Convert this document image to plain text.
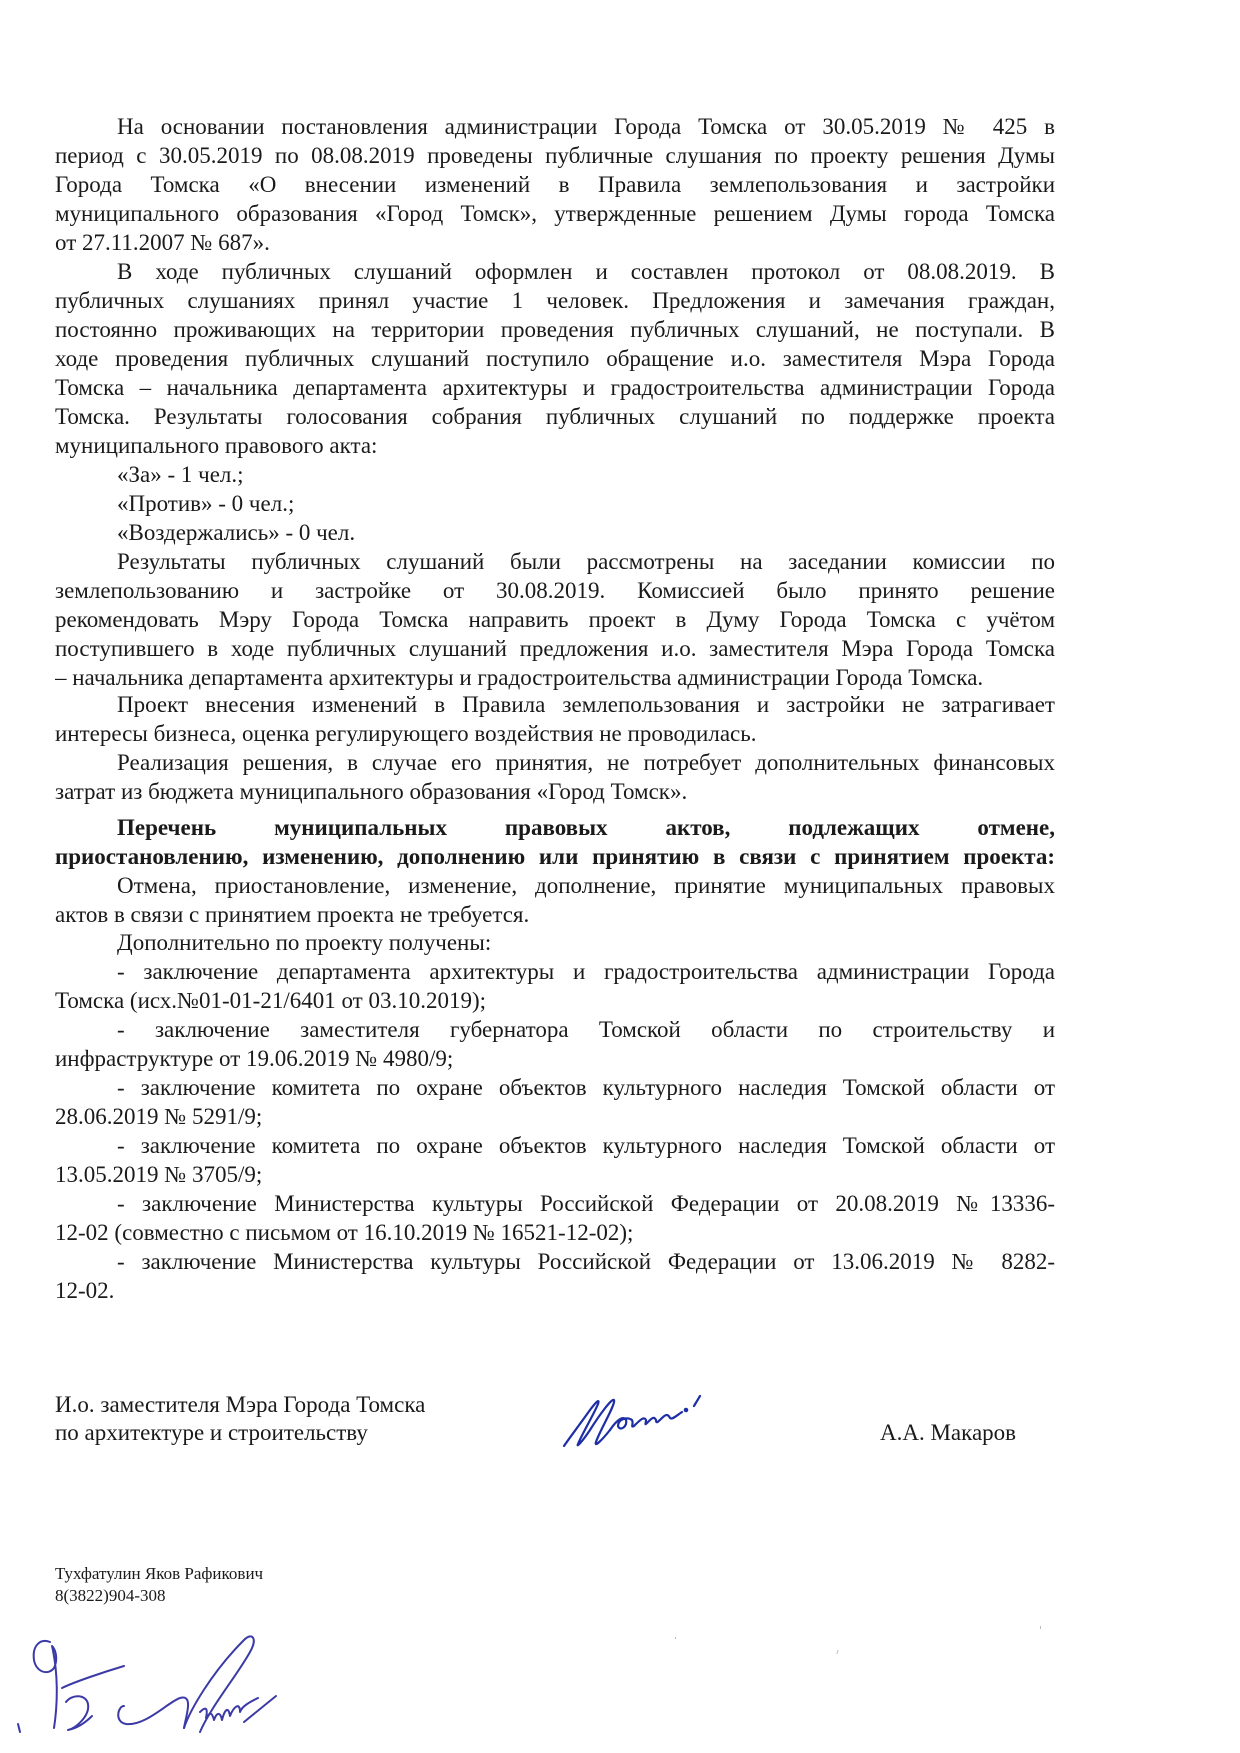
На основании постановления администрации Города Томска от 30.05.2019 № 425 в
период с 30.05.2019 по 08.08.2019 проведены публичные слушания по проекту решения Думы
Города Томска «О внесении изменений в Правила землепользования и застройки
муниципального образования «Город Томск», утвержденные решением Думы города Томска
от 27.11.2007 № 687».
В ходе публичных слушаний оформлен и составлен протокол от 08.08.2019. В
публичных слушаниях принял участие 1 человек. Предложения и замечания граждан,
постоянно проживающих на территории проведения публичных слушаний, не поступали. В
ходе проведения публичных слушаний поступило обращение и.о. заместителя Мэра Города
Томска – начальника департамента архитектуры и градостроительства администрации Города
Томска. Результаты голосования собрания публичных слушаний по поддержке проекта
муниципального правового акта:
«За» - 1 чел.;
«Против» - 0 чел.;
«Воздержались» - 0 чел.
Результаты публичных слушаний были рассмотрены на заседании комиссии по
землепользованию и застройке от 30.08.2019. Комиссией было принято решение
рекомендовать Мэру Города Томска направить проект в Думу Города Томска с учётом
поступившего в ходе публичных слушаний предложения и.о. заместителя Мэра Города Томска
– начальника департамента архитектуры и градостроительства администрации Города Томска.
Проект внесения изменений в Правила землепользования и застройки не затрагивает
интересы бизнеса, оценка регулирующего воздействия не проводилась.
Реализация решения, в случае его принятия, не потребует дополнительных финансовых
затрат из бюджета муниципального образования «Город Томск».
Перечень муниципальных правовых актов, подлежащих отмене,
приостановлению, изменению, дополнению или принятию в связи с принятием проекта:
Отмена, приостановление, изменение, дополнение, принятие муниципальных правовых
актов в связи с принятием проекта не требуется.
Дополнительно по проекту получены:
- заключение департамента архитектуры и градостроительства администрации Города
Томска (исх.№01-01-21/6401 от 03.10.2019);
- заключение заместителя губернатора Томской области по строительству и
инфраструктуре от 19.06.2019 № 4980/9;
- заключение комитета по охране объектов культурного наследия Томской области от
28.06.2019 № 5291/9;
- заключение комитета по охране объектов культурного наследия Томской области от
13.05.2019 № 3705/9;
- заключение Министерства культуры Российской Федерации от 20.08.2019 №13336-
12-02 (совместно с письмом от 16.10.2019 № 16521-12-02);
- заключение Министерства культуры Российской Федерации от 13.06.2019 № 8282-
12-02.
И.о. заместителя Мэра Города Томска
по архитектуре и строительству	А.А. Макаров
Тухфатулин Яков Рафикович
8(3822)904-308
